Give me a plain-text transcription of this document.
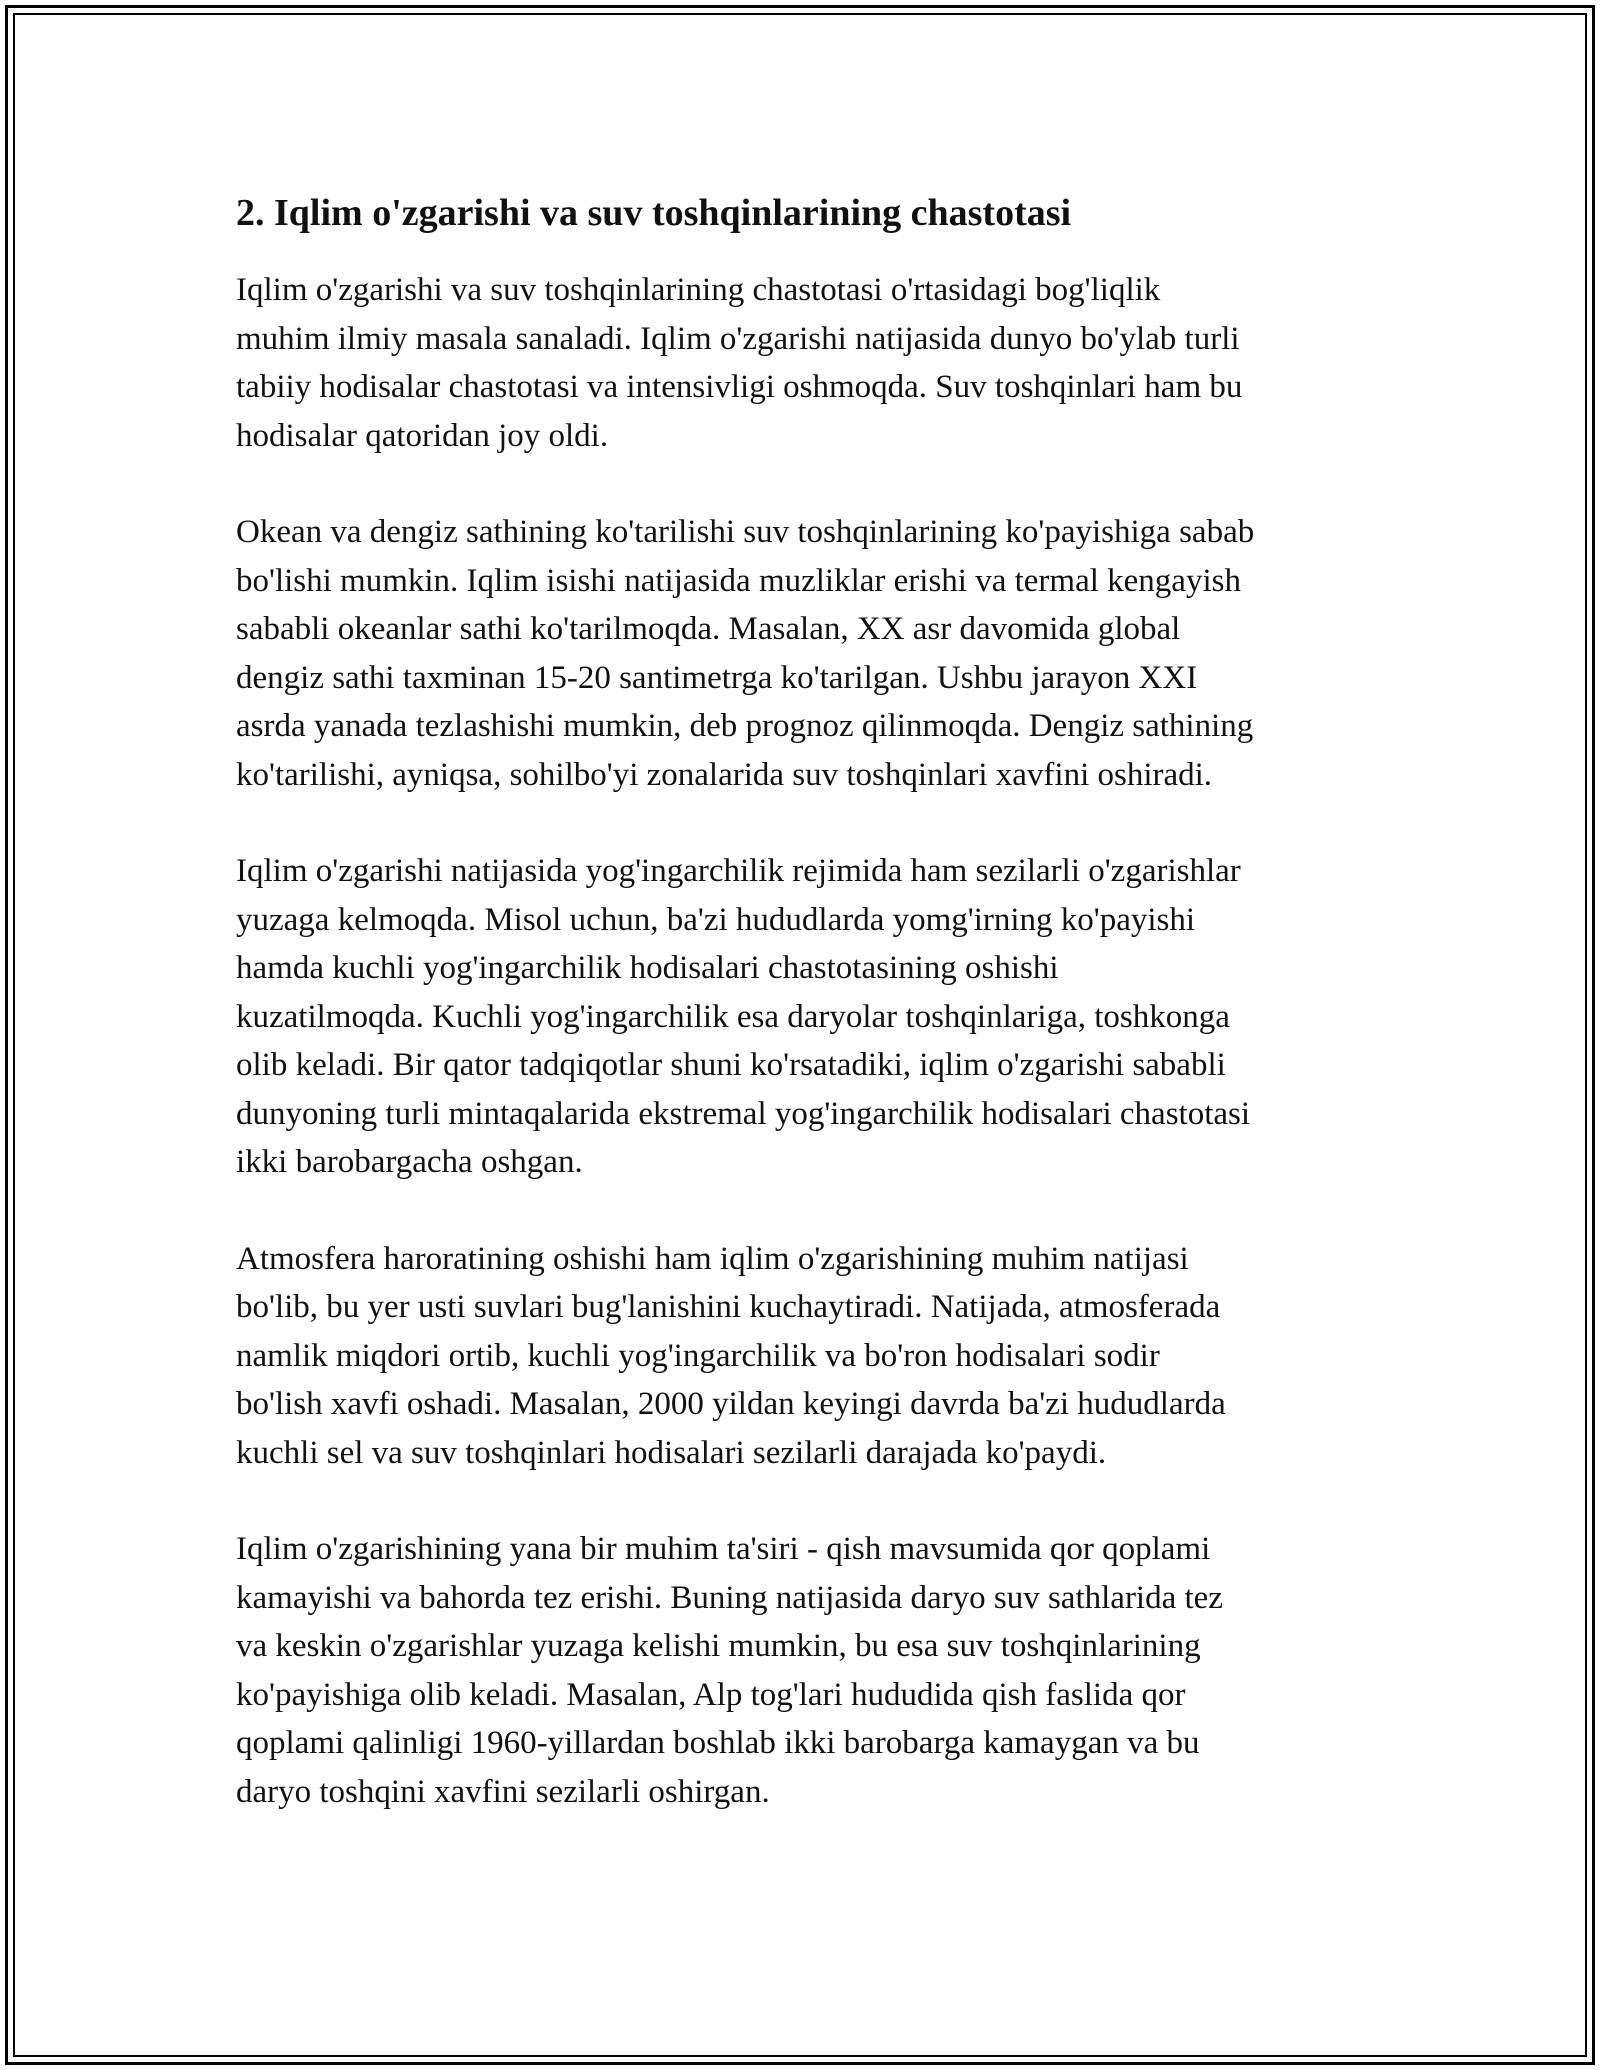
2. Iqlim o'zgarishi va suv toshqinlarining chastotasi

Iqlim o'zgarishi va suv toshqinlarining chastotasi o'rtasidagi bog'liqlik
muhim ilmiy masala sanaladi. Iqlim o'zgarishi natijasida dunyo bo'ylab turli
tabiiy hodisalar chastotasi va intensivligi oshmoqda. Suv toshqinlari ham bu
hodisalar qatoridan joy oldi.

Okean va dengiz sathining ko'tarilishi suv toshqinlarining ko'payishiga sabab
bo'lishi mumkin. Iqlim isishi natijasida muzliklar erishi va termal kengayish
sababli okeanlar sathi ko'tarilmoqda. Masalan, XX asr davomida global
dengiz sathi taxminan 15-20 santimetrga ko'tarilgan. Ushbu jarayon XXI
asrda yanada tezlashishi mumkin, deb prognoz qilinmoqda. Dengiz sathining
ko'tarilishi, ayniqsa, sohilbo'yi zonalarida suv toshqinlari xavfini oshiradi.

Iqlim o'zgarishi natijasida yog'ingarchilik rejimida ham sezilarli o'zgarishlar
yuzaga kelmoqda. Misol uchun, ba'zi hududlarda yomg'irning ko'payishi
hamda kuchli yog'ingarchilik hodisalari chastotasining oshishi
kuzatilmoqda. Kuchli yog'ingarchilik esa daryolar toshqinlariga, toshkonga
olib keladi. Bir qator tadqiqotlar shuni ko'rsatadiki, iqlim o'zgarishi sababli
dunyoning turli mintaqalarida ekstremal yog'ingarchilik hodisalari chastotasi
ikki barobargacha oshgan.

Atmosfera haroratining oshishi ham iqlim o'zgarishining muhim natijasi
bo'lib, bu yer usti suvlari bug'lanishini kuchaytiradi. Natijada, atmosferada
namlik miqdori ortib, kuchli yog'ingarchilik va bo'ron hodisalari sodir
bo'lish xavfi oshadi. Masalan, 2000 yildan keyingi davrda ba'zi hududlarda
kuchli sel va suv toshqinlari hodisalari sezilarli darajada ko'paydi.

Iqlim o'zgarishining yana bir muhim ta'siri - qish mavsumida qor qoplami
kamayishi va bahorda tez erishi. Buning natijasida daryo suv sathlarida tez
va keskin o'zgarishlar yuzaga kelishi mumkin, bu esa suv toshqinlarining
ko'payishiga olib keladi. Masalan, Alp tog'lari hududida qish faslida qor
qoplami qalinligi 1960-yillardan boshlab ikki barobarga kamaygan va bu
daryo toshqini xavfini sezilarli oshirgan.
